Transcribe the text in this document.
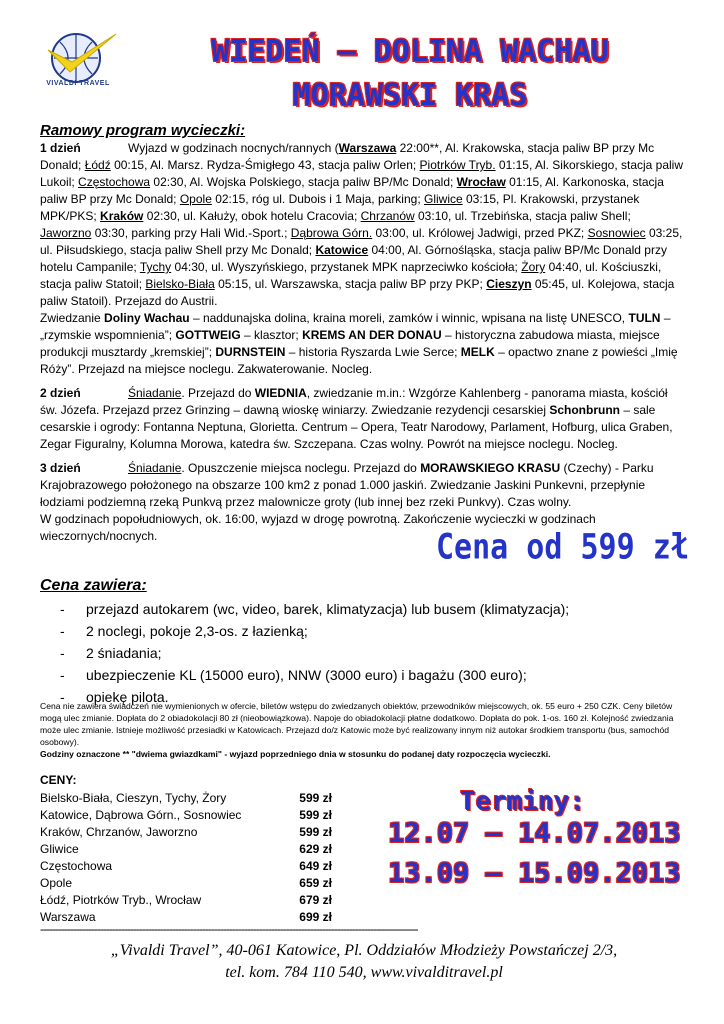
VIVALDI TRAVEL
WIEDEŃ – DOLINA WACHAU
MORAWSKI KRAS
Ramowy program wycieczki:
1 dzień	Wyjazd w godzinach nocnych/rannych (Warszawa 22:00**, Al. Krakowska, stacja paliw BP przy Mc Donald; Łódź 00:15, Al. Marsz. Rydza-Śmigłego 43, stacja paliw Orlen; Piotrków Tryb. 01:15, Al. Sikorskiego, stacja paliw Lukoil; Częstochowa 02:30, Al. Wojska Polskiego, stacja paliw BP/Mc Donald; Wrocław 01:15, Al. Karkonoska, stacja paliw BP przy Mc Donald; Opole 02:15, róg ul. Dubois i 1 Maja, parking; Gliwice 03:15, Pl. Krakowski, przystanek MPK/PKS; Kraków 02:30, ul. Kałuży, obok hotelu Cracovia; Chrzanów 03:10, ul. Trzebińska, stacja paliw Shell; Jaworzno 03:30, parking przy Hali Wid.-Sport.; Dąbrowa Górn. 03:00, ul. Królowej Jadwigi, przed PKZ; Sosnowiec 03:25, ul. Piłsudskiego, stacja paliw Shell przy Mc Donald; Katowice 04:00, Al. Górnośląska, stacja paliw BP/Mc Donald przy hotelu Campanile; Tychy 04:30, ul. Wyszyńskiego, przystanek MPK naprzeciwko kościoła; Żory 04:40, ul. Kościuszki, stacja paliw Statoil; Bielsko-Biała 05:15, ul. Warszawska, stacja paliw BP przy PKP; Cieszyn 05:45, ul. Kolejowa, stacja paliw Statoil). Przejazd do Austrii.
Zwiedzanie Doliny Wachau – naddunajska dolina, kraina moreli, zamków i winnic, wpisana na listę UNESCO, TULN – „rzymskie wspomnienia”; GOTTWEIG – klasztor; KREMS AN DER DONAU – historyczna zabudowa miasta, miejsce produkcji musztardy „kremskiej”; DURNSTEIN – historia Ryszarda Lwie Serce; MELK – opactwo znane z powieści „Imię Róży”. Przejazd na miejsce noclegu. Zakwaterowanie. Nocleg.
2 dzień	Śniadanie. Przejazd do WIEDNIA, zwiedzanie m.in.: Wzgórze Kahlenberg - panorama miasta, kościół św. Józefa. Przejazd przez Grinzing – dawną wioskę winiarzy. Zwiedzanie rezydencji cesarskiej Schonbrunn – sale cesarskie i ogrody: Fontanna Neptuna, Glorietta. Centrum – Opera, Teatr Narodowy, Parlament, Hofburg, ulica Graben, Zegar Figuralny, Kolumna Morowa, katedra św. Szczepana. Czas wolny. Powrót na miejsce noclegu. Nocleg.
3 dzień	Śniadanie. Opuszczenie miejsca noclegu. Przejazd do MORAWSKIEGO KRASU (Czechy) - Parku Krajobrazowego położonego na obszarze 100 km2 z ponad 1.000 jaskiń. Zwiedzanie Jaskini Punkevni, przepłynie łodziami podziemną rzeką Punkvą przez malownicze groty (lub innej bez rzeki Punkvy). Czas wolny.
W godzinach popołudniowych, ok. 16:00, wyjazd w drogę powrotną. Zakończenie wycieczki w godzinach wieczornych/nocnych.	Cena od 599 zł
Cena zawiera:
- przejazd autokarem (wc, video, barek, klimatyzacja) lub busem (klimatyzacja);
- 2 noclegi, pokoje 2,3-os. z łazienką;
- 2 śniadania;
- ubezpieczenie KL (15000 euro), NNW (3000 euro) i bagażu (300 euro);
- opiekę pilota.
Cena nie zawiera świadczeń nie wymienionych w ofercie, biletów wstępu do zwiedzanych obiektów, przewodników miejscowych, ok. 55 euro + 250 CZK. Ceny biletów mogą ulec zmianie. Dopłata do 2 obiadokolacji 80 zł (nieobowiązkowa). Napoje do obiadokolacji płatne dodatkowo. Dopłata do pok. 1-os. 160 zł. Kolejność zwiedzania może ulec zmianie. Istnieje możliwość przesiadki w Katowicach. Przejazd do/z Katowic może być realizowany innym niż autokar środkiem transportu (bus, samochód osobowy).
Godziny oznaczone ** "dwiema gwiazdkami" - wyjazd poprzedniego dnia w stosunku do podanej daty rozpoczęcia wycieczki.
CENY:
Bielsko-Biała, Cieszyn, Tychy, Żory	599 zł
Katowice, Dąbrowa Górn., Sosnowiec	599 zł
Kraków, Chrzanów, Jaworzno	599 zł
Gliwice	629 zł
Częstochowa	649 zł
Opole	659 zł
Łódź, Piotrków Tryb., Wrocław	679 zł
Warszawa	699 zł
Terminy:
12.07 – 14.07.2013
13.09 – 15.09.2013
------------------------------------------------------------------------------------------------------------------------------
„Vivaldi Travel”, 40-061 Katowice, Pl. Oddziałów Młodzieży Powstańczej 2/3,
tel. kom. 784 110 540, www.vivalditravel.pl
